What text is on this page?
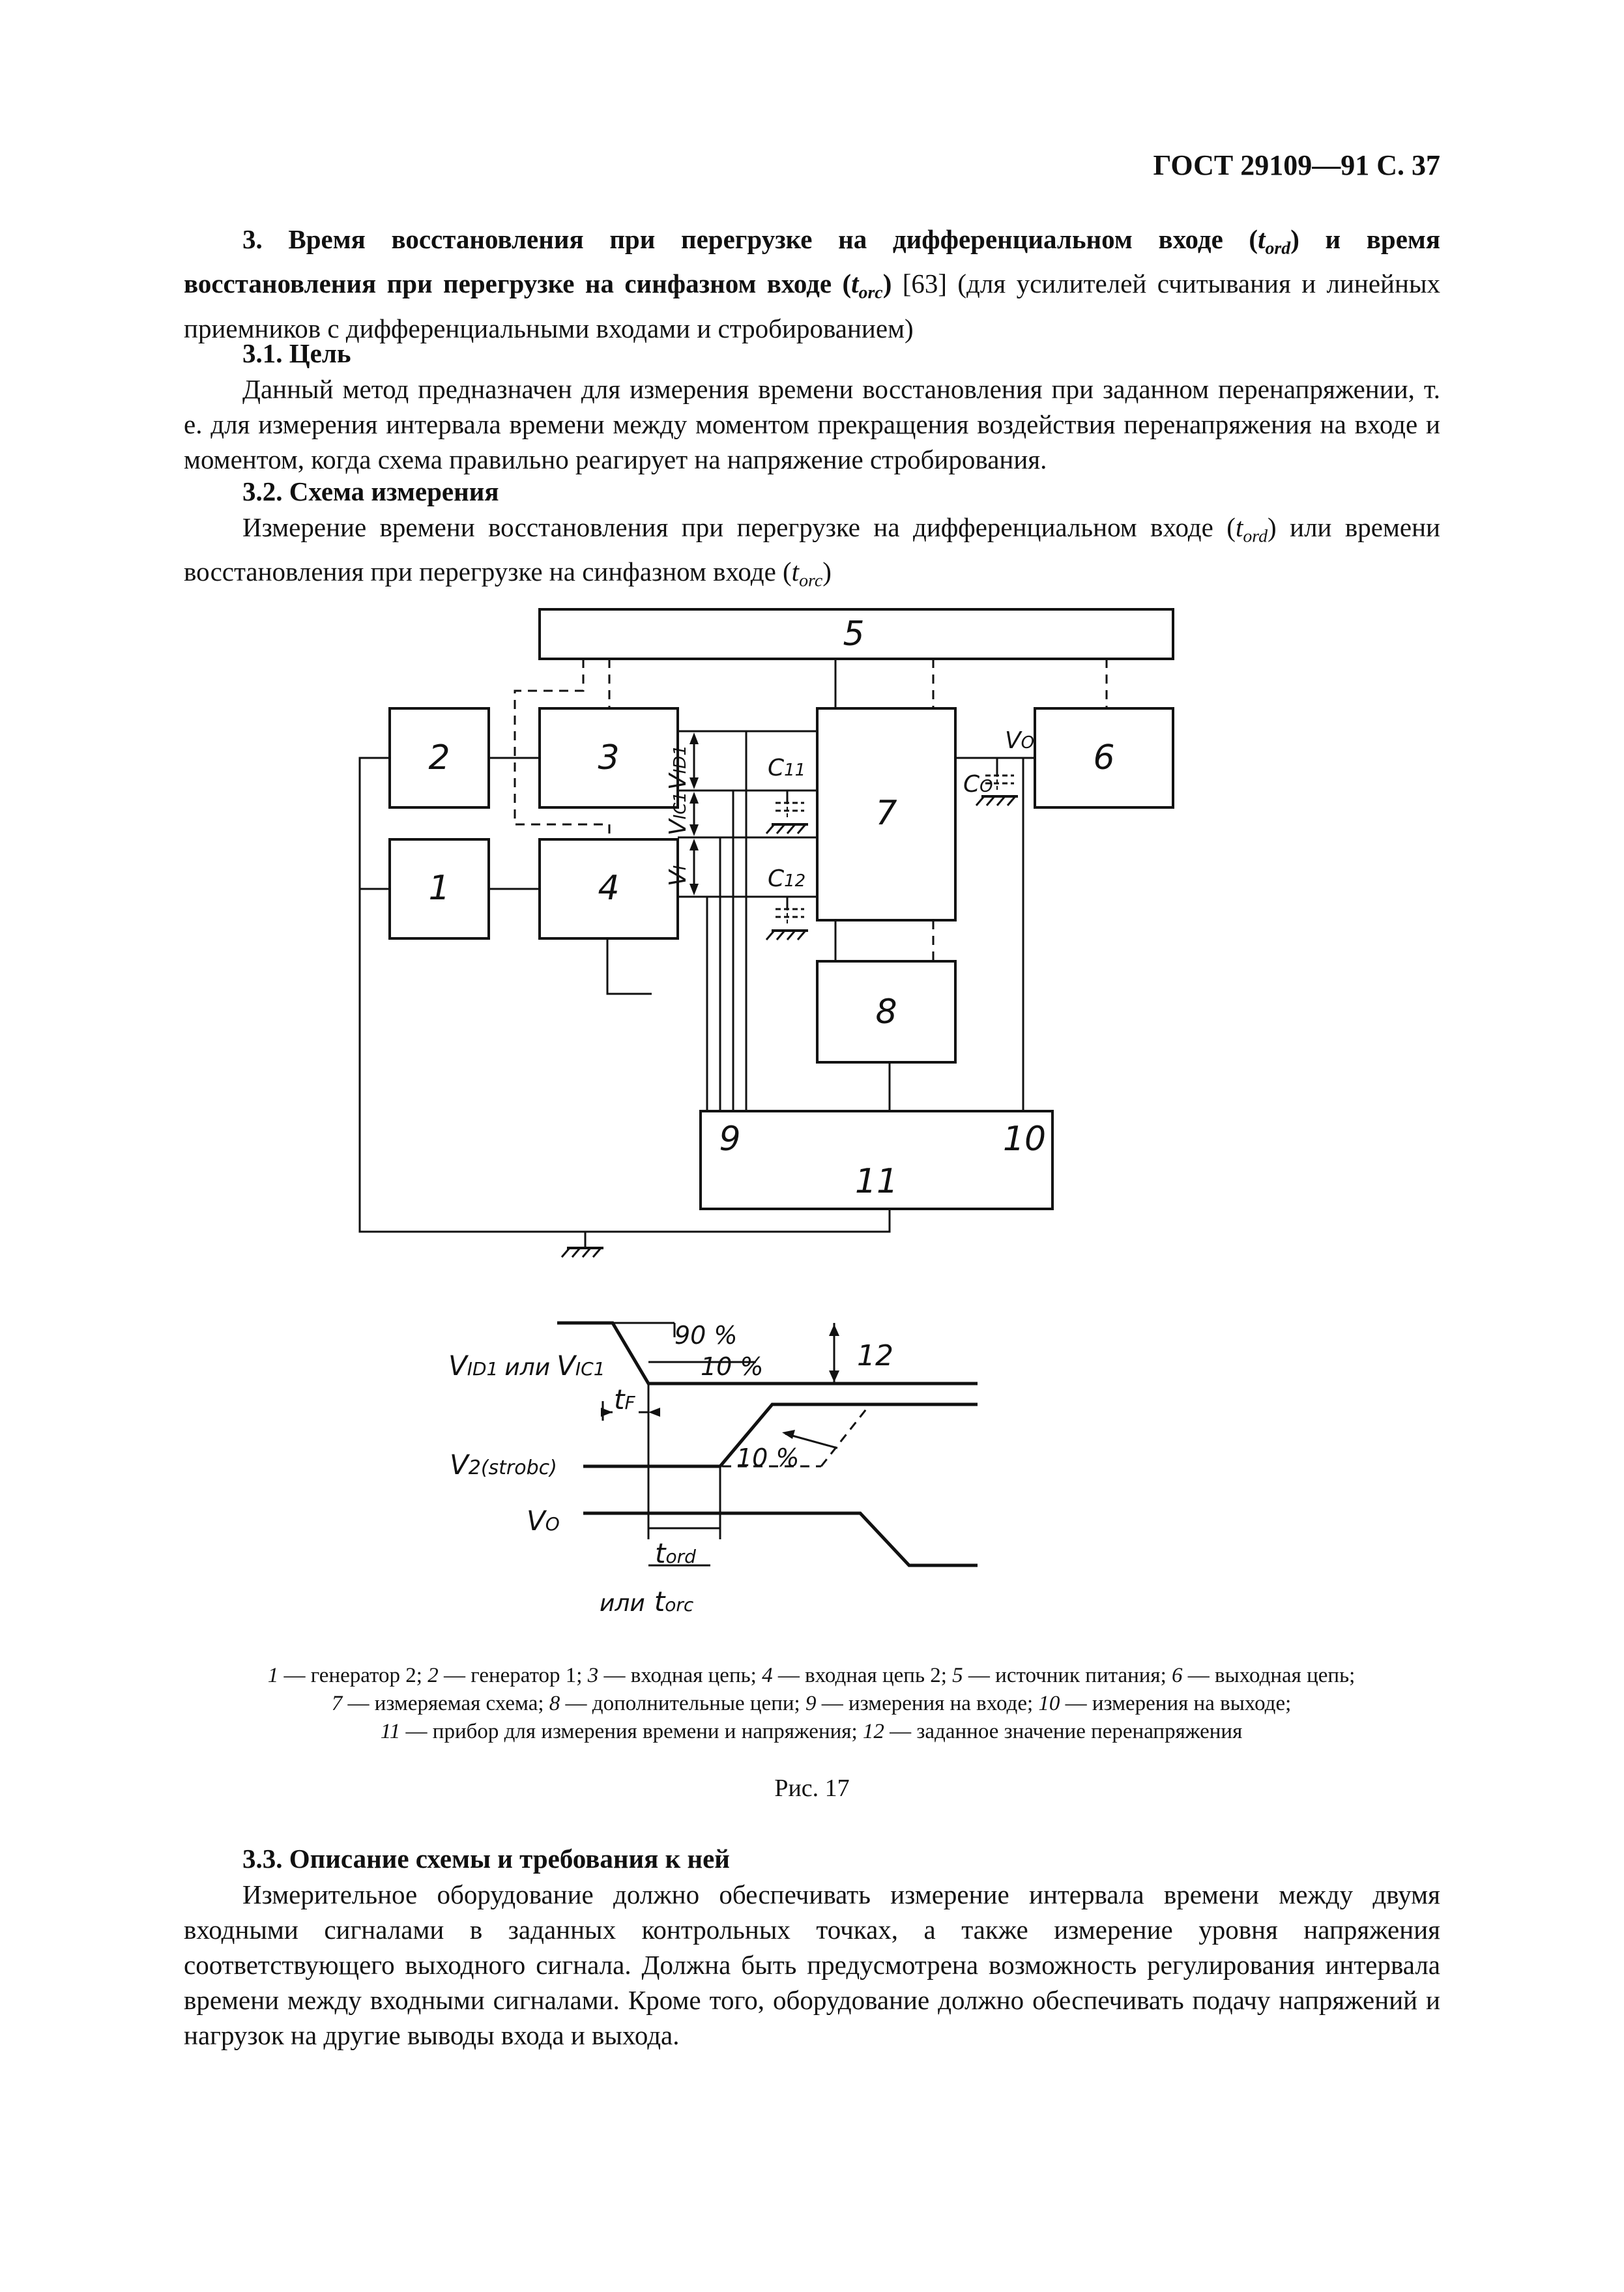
ГОСТ 29109—91 С. 37
3. Время восстановления при перегрузке на дифференциальном входе $(t_{ord})$ и время восстановления при перегрузке на синфазном входе $(t_{orc})$ [63] (для усилителей считывания и линейных приемников с дифференциальными входами и стробированием)
3.1. Цель
Данный метод предназначен для измерения времени восстановления при заданном перенапряжении, т. е. для измерения интервала времени между моментом прекращения воздействия перенапряжения на входе и моментом, когда схема правильно реагирует на напряжение стробирования.
3.2. Схема измерения
Измерение времени восстановления при перегрузке на дифференциальном входе $(t_{ord})$ или времени восстановления при перегрузке на синфазном входе $(t_{orc})$
5
2	3
7
6
1	4
8
11
9	10
VID1
VIC1
VI
C11
C12
CO
VO
VID1 или VIC1
90 %
10 %	12
tF
V2(strobc)	10 %
VO
tord
или torc
1 — генератор 2; 2 — генератор 1; 3 — входная цепь; 4 — входная цепь 2; 5 — источник питания; 6 — выходная цепь;
7 — измеряемая схема; 8 — дополнительные цепи; 9 — измерения на входе; 10 — измерения на выходе;
11 — прибор для измерения времени и напряжения; 12 — заданное значение перенапряжения
Рис. 17
3.3. Описание схемы и требования к ней
Измерительное оборудование должно обеспечивать измерение интервала времени между двумя входными сигналами в заданных контрольных точках, а также измерение уровня напряжения соответствующего выходного сигнала. Должна быть предусмотрена возможность регулирования интервала времени между входными сигналами. Кроме того, оборудование должно обеспечивать подачу напряжений и нагрузок на другие выводы входа и выхода.
